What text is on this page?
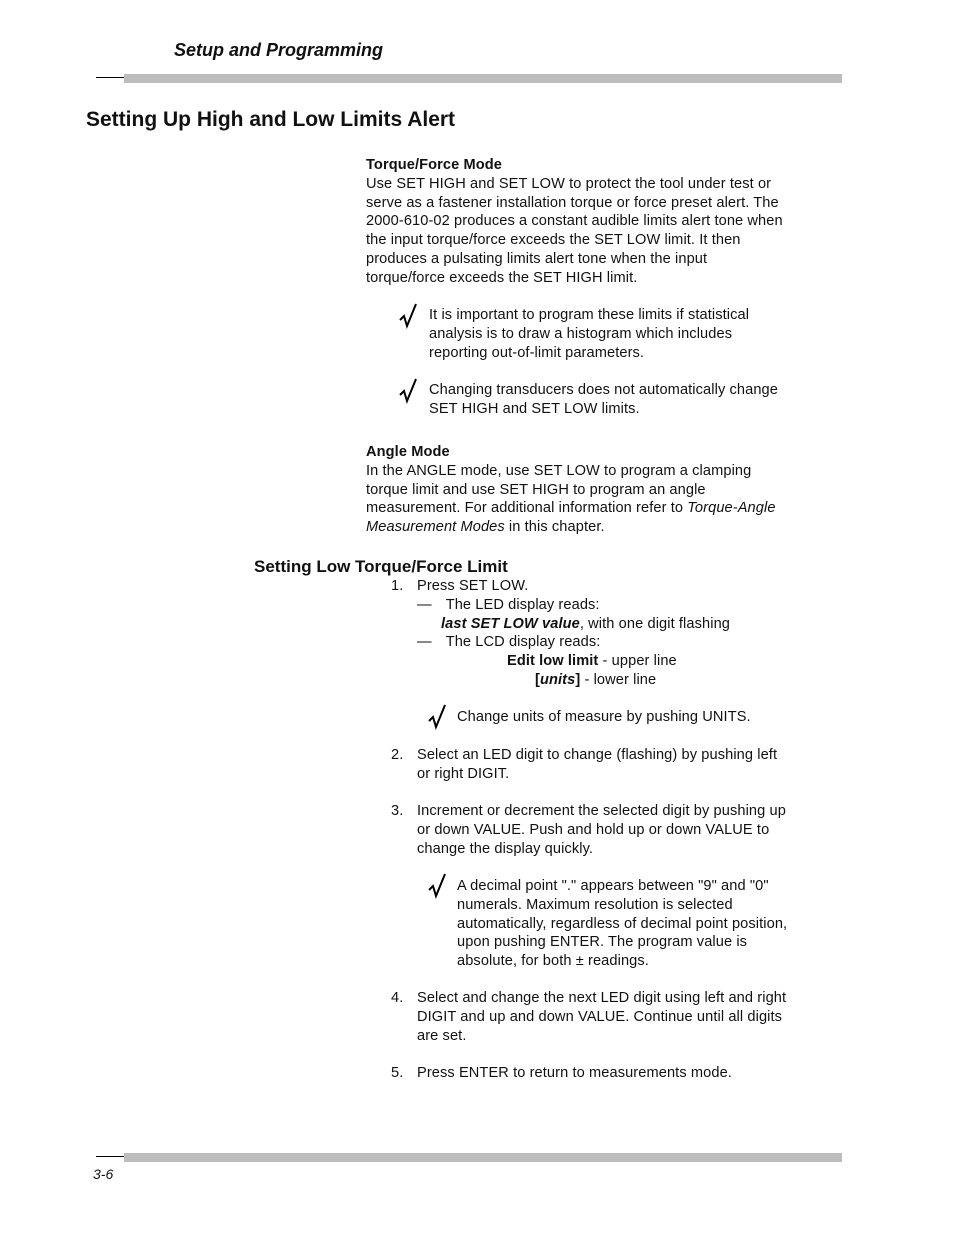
Setup and Programming
Setting Up High and Low Limits Alert
Torque/Force Mode
Use SET HIGH and SET LOW to protect the tool under test or
serve as a fastener installation torque or force preset alert. The
2000-610-02 produces a constant audible limits alert tone when
the input torque/force exceeds the SET LOW limit. It then
produces a pulsating limits alert tone when the input
torque/force exceeds the SET HIGH limit.
It is important to program these limits if statistical
analysis is to draw a histogram which includes
reporting out-of-limit parameters.
Changing transducers does not automatically change
SET HIGH and SET LOW limits.
Angle Mode
In the ANGLE mode, use SET LOW to program a clamping
torque limit and use SET HIGH to program an angle
measurement. For additional information refer to Torque-Angle
Measurement Modes in this chapter.
Setting Low Torque/Force Limit
1. Press SET LOW.
— The LED display reads:
last SET LOW value, with one digit flashing
— The LCD display reads:
Edit low limit - upper line
[units] - lower line
Change units of measure by pushing UNITS.
2. Select an LED digit to change (flashing) by pushing left
or right DIGIT.
3. Increment or decrement the selected digit by pushing up
or down VALUE. Push and hold up or down VALUE to
change the display quickly.
A decimal point "." appears between "9" and "0"
numerals. Maximum resolution is selected
automatically, regardless of decimal point position,
upon pushing ENTER. The program value is
absolute, for both ± readings.
4. Select and change the next LED digit using left and right
DIGIT and up and down VALUE. Continue until all digits
are set.
5. Press ENTER to return to measurements mode.
3-6
